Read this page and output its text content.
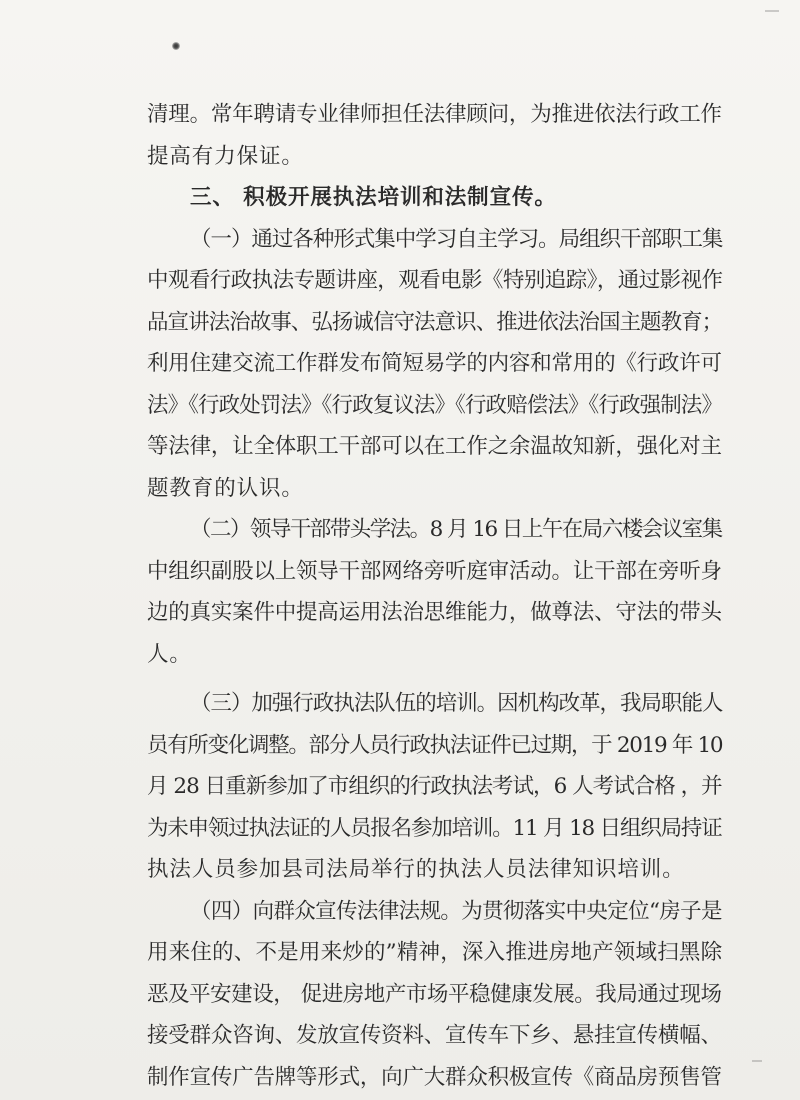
清理。常年聘请专业律师担任法律顾问，为推进依法行政工作
提高有力保证。
三、 积极开展执法培训和法制宣传。
（一）通过各种形式集中学习自主学习。局组织干部职工集
中观看行政执法专题讲座，观看电影《特别追踪》，通过影视作
品宣讲法治故事、弘扬诚信守法意识、推进依法治国主题教育；
利用住建交流工作群发布简短易学的内容和常用的《行政许可
法》《行政处罚法》《行政复议法》《行政赔偿法》《行政强制法》
等法律，让全体职工干部可以在工作之余温故知新，强化对主
题教育的认识。
（二）领导干部带头学法。8 月 16 日上午在局六楼会议室集
中组织副股以上领导干部网络旁听庭审活动。让干部在旁听身
边的真实案件中提高运用法治思维能力，做尊法、守法的带头
人。
（三）加强行政执法队伍的培训。因机构改革，我局职能人
员有所变化调整。部分人员行政执法证件已过期，于 2019 年 10
月 28 日重新参加了市组织的行政执法考试，6 人考试合格 ，并
为未申领过执法证的人员报名参加培训。11 月 18 日组织局持证
执法人员参加县司法局举行的执法人员法律知识培训。
（四）向群众宣传法律法规。为贯彻落实中央定位“房子是
用来住的、不是用来炒的”精神，深入推进房地产领域扫黑除
恶及平安建设， 促进房地产市场平稳健康发展。我局通过现场
接受群众咨询、发放宣传资料、宣传车下乡、悬挂宣传横幅、
制作宣传广告牌等形式，向广大群众积极宣传《商品房预售管
